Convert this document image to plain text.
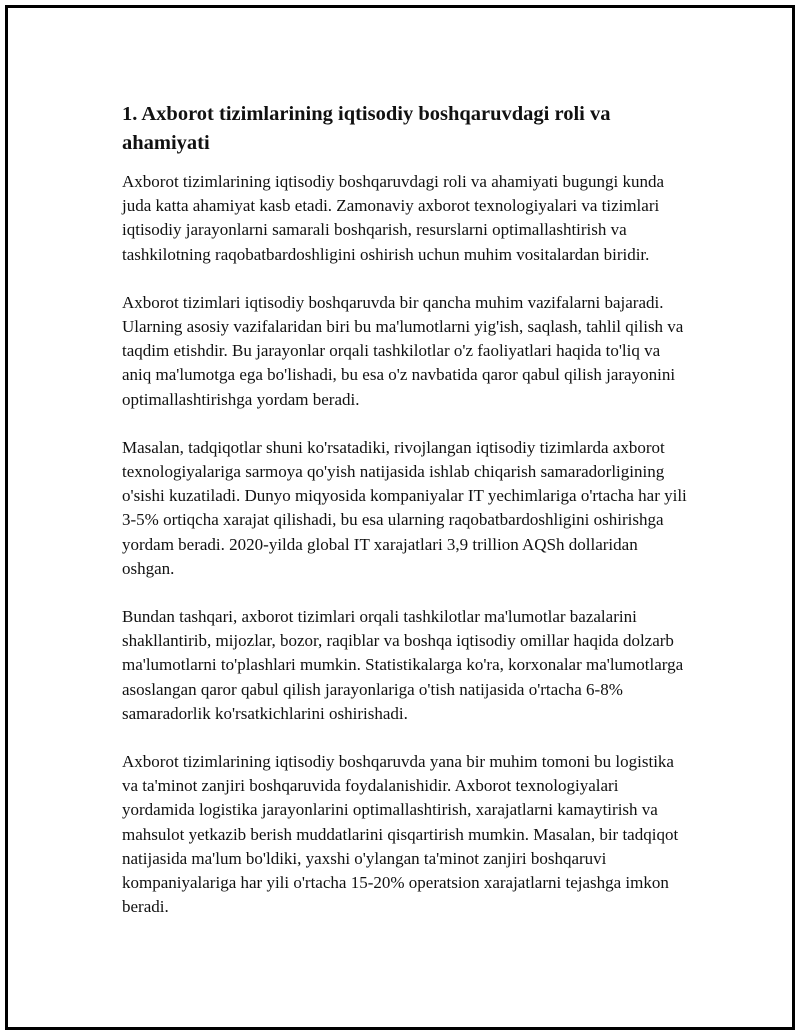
1. Axborot tizimlarining iqtisodiy boshqaruvdagi roli va ahamiyati

Axborot tizimlarining iqtisodiy boshqaruvdagi roli va ahamiyati bugungi kunda juda katta ahamiyat kasb etadi. Zamonaviy axborot texnologiyalari va tizimlari iqtisodiy jarayonlarni samarali boshqarish, resurslarni optimallashtirish va tashkilotning raqobatbardoshligini oshirish uchun muhim vositalardan biridir.

Axborot tizimlari iqtisodiy boshqaruvda bir qancha muhim vazifalarni bajaradi. Ularning asosiy vazifalaridan biri bu ma'lumotlarni yig'ish, saqlash, tahlil qilish va taqdim etishdir. Bu jarayonlar orqali tashkilotlar o'z faoliyatlari haqida to'liq va aniq ma'lumotga ega bo'lishadi, bu esa o'z navbatida qaror qabul qilish jarayonini optimallashtirishga yordam beradi.

Masalan, tadqiqotlar shuni ko'rsatadiki, rivojlangan iqtisodiy tizimlarda axborot texnologiyalariga sarmoya qo'yish natijasida ishlab chiqarish samaradorligining o'sishi kuzatiladi. Dunyo miqyosida kompaniyalar IT yechimlariga o'rtacha har yili 3-5% ortiqcha xarajat qilishadi, bu esa ularning raqobatbardoshligini oshirishga yordam beradi. 2020-yilda global IT xarajatlari 3,9 trillion AQSh dollaridan oshgan.

Bundan tashqari, axborot tizimlari orqali tashkilotlar ma'lumotlar bazalarini shakllantirib, mijozlar, bozor, raqiblar va boshqa iqtisodiy omillar haqida dolzarb ma'lumotlarni to'plashlari mumkin. Statistikalarga ko'ra, korxonalar ma'lumotlarga asoslangan qaror qabul qilish jarayonlariga o'tish natijasida o'rtacha 6-8% samaradorlik ko'rsatkichlarini oshirishadi.

Axborot tizimlarining iqtisodiy boshqaruvda yana bir muhim tomoni bu logistika va ta'minot zanjiri boshqaruvida foydalanishidir. Axborot texnologiyalari yordamida logistika jarayonlarini optimallashtirish, xarajatlarni kamaytirish va mahsulot yetkazib berish muddatlarini qisqartirish mumkin. Masalan, bir tadqiqot natijasida ma'lum bo'ldiki, yaxshi o'ylangan ta'minot zanjiri boshqaruvi kompaniyalariga har yili o'rtacha 15-20% operatsion xarajatlarni tejashga imkon beradi.
